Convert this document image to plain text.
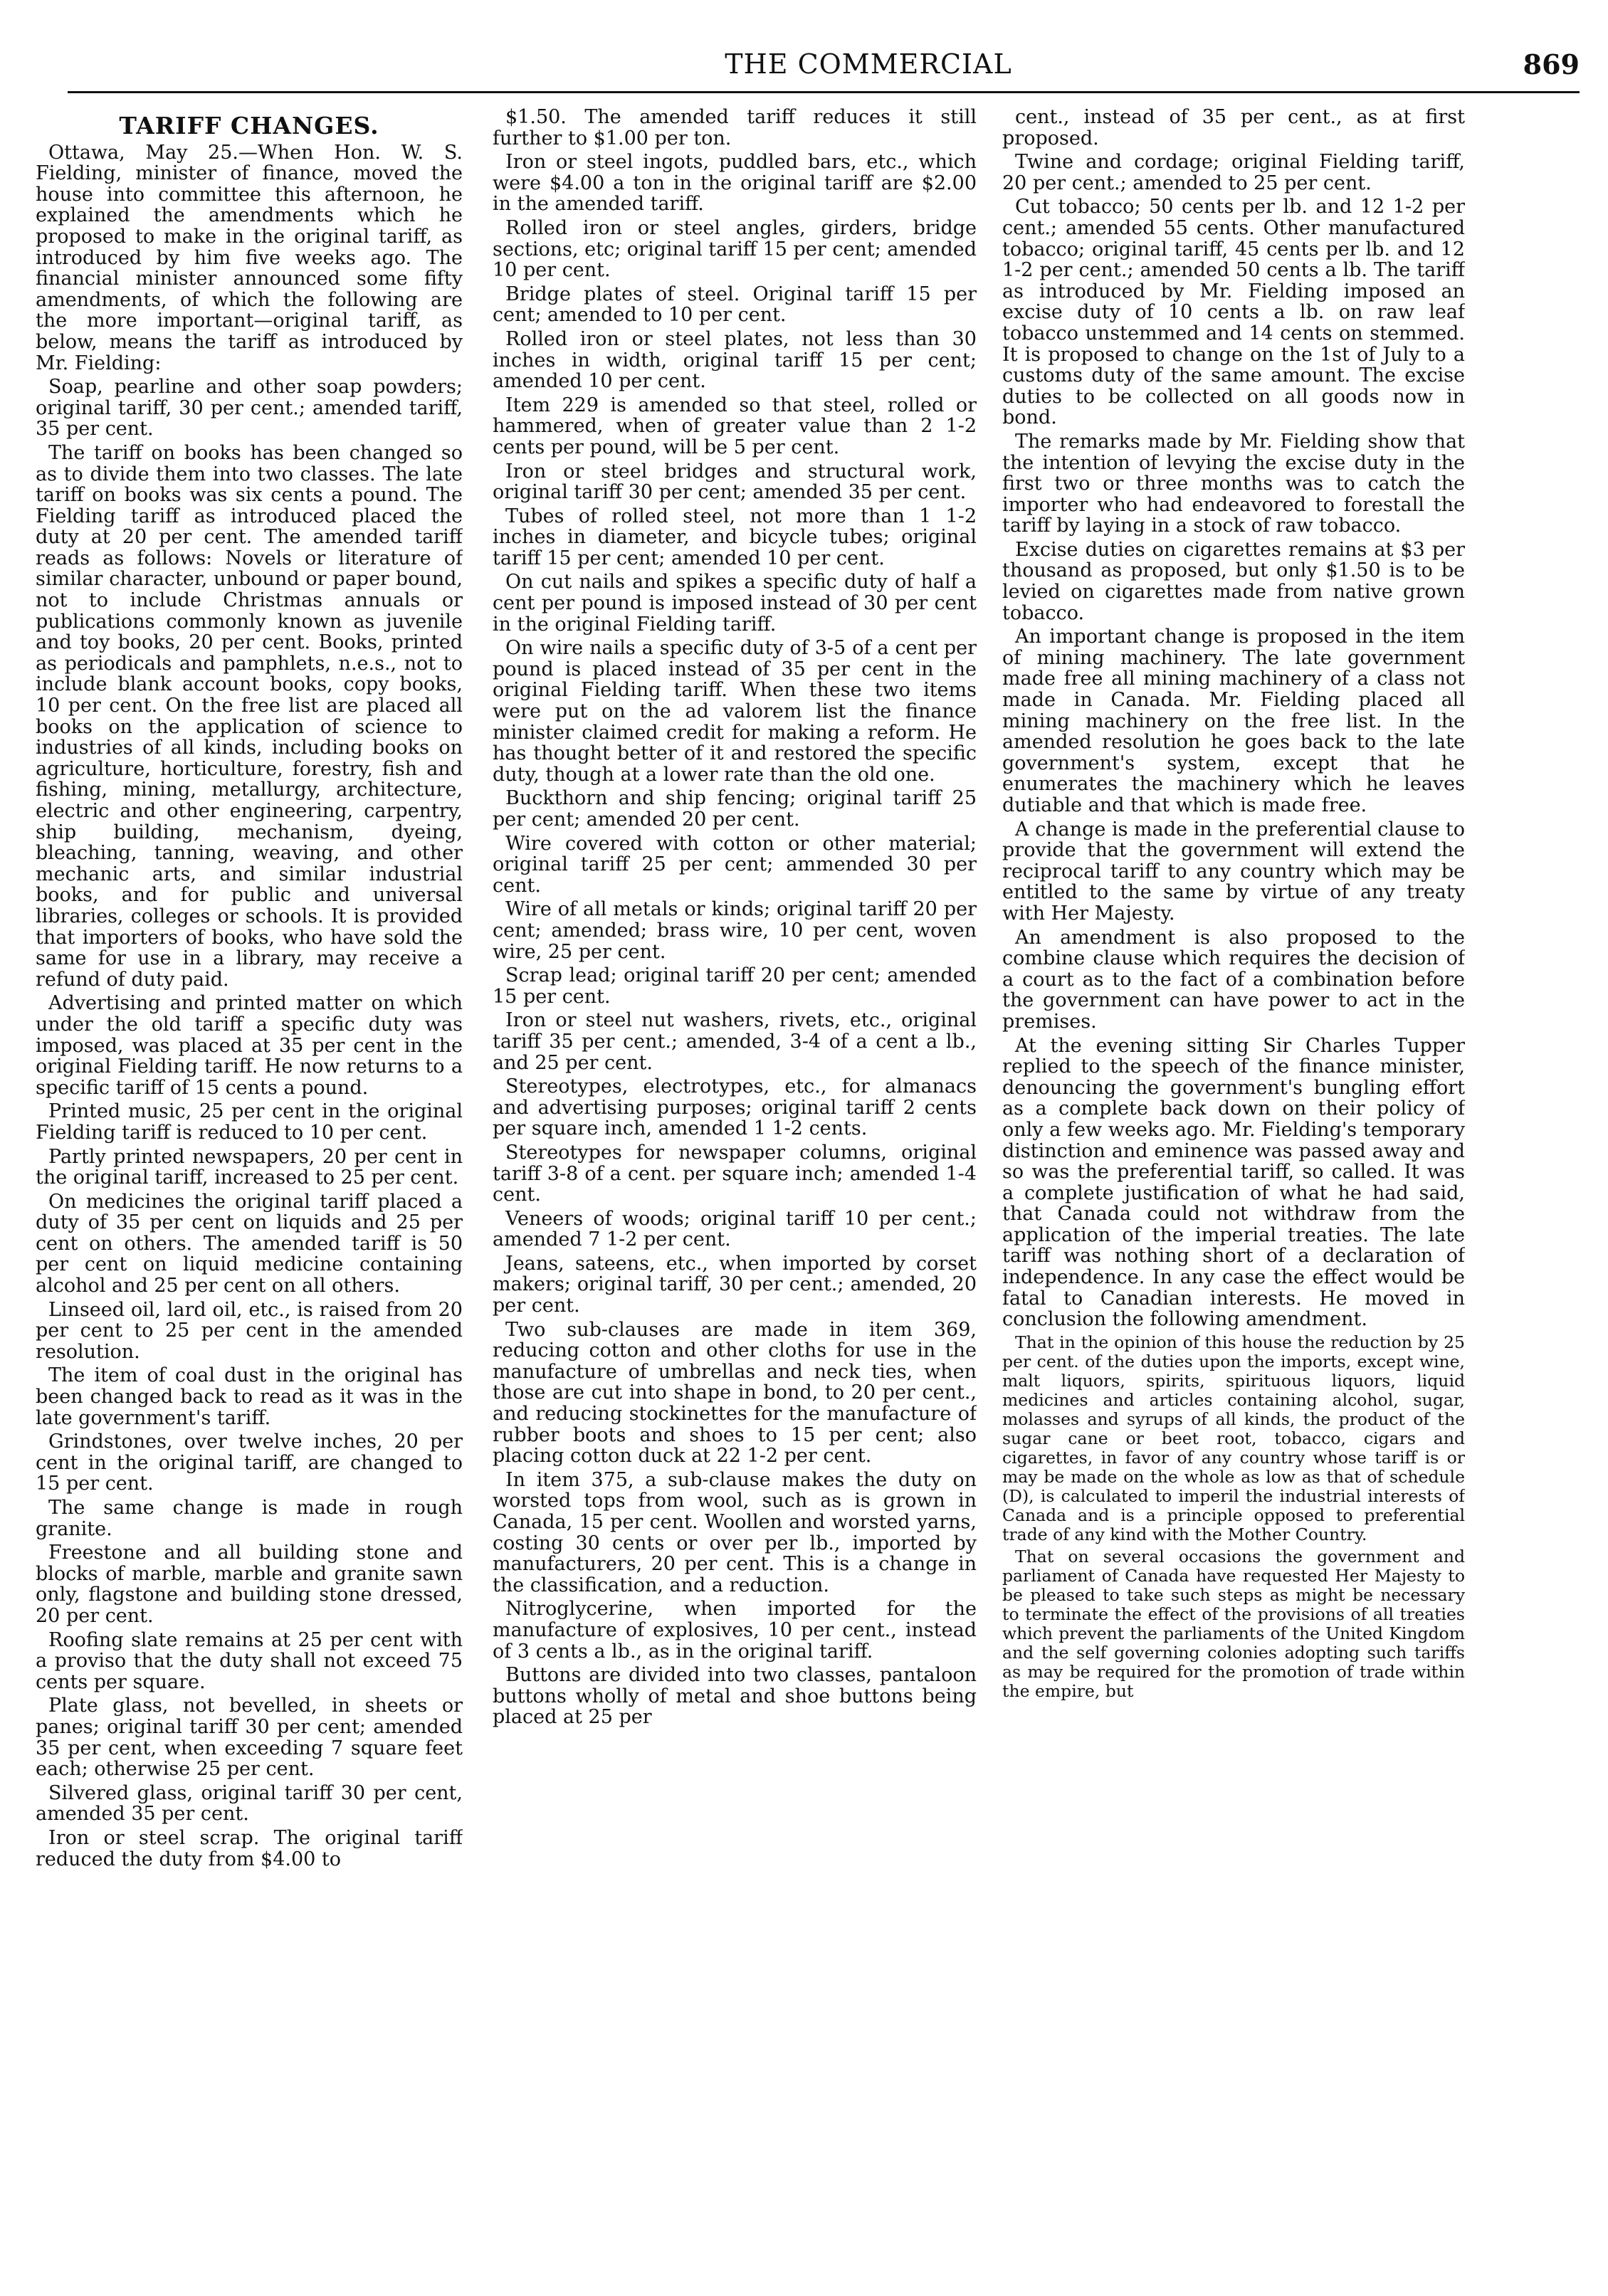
THE COMMERCIAL	869
TARIFF CHANGES.

Ottawa, May 25.—When Hon. W. S. Fielding, minister of finance, moved the house into committee this afternoon, he explained the amendments which he proposed to make in the original tariff, as introduced by him five weeks ago. The financial minister announced some fifty amendments, of which the following are the more important—original tariff, as below, means the tariff as introduced by Mr. Fielding:

Soap, pearline and other soap powders; original tariff, 30 per cent.; amended tariff, 35 per cent.

The tariff on books has been changed so as to divide them into two classes. The late tariff on books was six cents a pound. The Fielding tariff as introduced placed the duty at 20 per cent. The amended tariff reads as follows: Novels or literature of similar character, unbound or paper bound, not to include Christmas annuals or publications commonly known as juvenile and toy books, 20 per cent. Books, printed as periodicals and pamphlets, n.e.s., not to include blank account books, copy books, 10 per cent. On the free list are placed all books on the application of science to industries of all kinds, including books on agriculture, horticulture, forestry, fish and fishing, mining, metallurgy, architecture, electric and other engineering, carpentry, ship building, mechanism, dyeing, bleaching, tanning, weaving, and other mechanic arts, and similar industrial books, and for public and universal libraries, colleges or schools. It is provided that importers of books, who have sold the same for use in a library, may receive a refund of duty paid.

Advertising and printed matter on which under the old tariff a specific duty was imposed, was placed at 35 per cent in the original Fielding tariff. He now returns to a specific tariff of 15 cents a pound.

Printed music, 25 per cent in the original Fielding tariff is reduced to 10 per cent.

Partly printed newspapers, 20 per cent in the original tariff, increased to 25 per cent.

On medicines the original tariff placed a duty of 35 per cent on liquids and 25 per cent on others. The amended tariff is 50 per cent on liquid medicine containing alcohol and 25 per cent on all others.

Linseed oil, lard oil, etc., is raised from 20 per cent to 25 per cent in the amended resolution.

The item of coal dust in the original has been changed back to read as it was in the late government's tariff.

Grindstones, over twelve inches, 20 per cent in the original tariff, are changed to 15 per cent.

The same change is made in rough granite.

Freestone and all building stone and blocks of marble, marble and granite sawn only, flagstone and building stone dressed, 20 per cent.

Roofing slate remains at 25 per cent with a proviso that the duty shall not exceed 75 cents per square.

Plate glass, not bevelled, in sheets or panes; original tariff 30 per cent; amended 35 per cent, when exceeding 7 square feet each; otherwise 25 per cent.

Silvered glass, original tariff 30 per cent, amended 35 per cent.

Iron or steel scrap. The original tariff reduced the duty from $4.00 to

$1.50. The amended tariff reduces it still further to $1.00 per ton.

Iron or steel ingots, puddled bars, etc., which were $4.00 a ton in the original tariff are $2.00 in the amended tariff.

Rolled iron or steel angles, girders, bridge sections, etc; original tariff 15 per cent; amended 10 per cent.

Bridge plates of steel. Original tariff 15 per cent; amended to 10 per cent.

Rolled iron or steel plates, not less than 30 inches in width, original tariff 15 per cent; amended 10 per cent.

Item 229 is amended so that steel, rolled or hammered, when of greater value than 2 1-2 cents per pound, will be 5 per cent.

Iron or steel bridges and structural work, original tariff 30 per cent; amended 35 per cent.

Tubes of rolled steel, not more than 1 1-2 inches in diameter, and bicycle tubes; original tariff 15 per cent; amended 10 per cent.

On cut nails and spikes a specific duty of half a cent per pound is imposed instead of 30 per cent in the original Fielding tariff.

On wire nails a specific duty of 3-5 of a cent per pound is placed instead of 35 per cent in the original Fielding tariff. When these two items were put on the ad valorem list the finance minister claimed credit for making a reform. He has thought better of it and restored the specific duty, though at a lower rate than the old one.

Buckthorn and ship fencing; original tariff 25 per cent; amended 20 per cent.

Wire covered with cotton or other material; original tariff 25 per cent; ammended 30 per cent.

Wire of all metals or kinds; original tariff 20 per cent; amended; brass wire, 10 per cent, woven wire, 25 per cent.

Scrap lead; original tariff 20 per cent; amended 15 per cent.

Iron or steel nut washers, rivets, etc., original tariff 35 per cent.; amended, 3-4 of a cent a lb., and 25 per cent.

Stereotypes, electrotypes, etc., for almanacs and advertising purposes; original tariff 2 cents per square inch, amended 1 1-2 cents.

Stereotypes for newspaper columns, original tariff 3-8 of a cent. per square inch; amended 1-4 cent.

Veneers of woods; original tariff 10 per cent.; amended 7 1-2 per cent.

Jeans, sateens, etc., when imported by corset makers; original tariff, 30 per cent.; amended, 20 per cent.

Two sub-clauses are made in item 369, reducing cotton and other cloths for use in the manufacture of umbrellas and neck ties, when those are cut into shape in bond, to 20 per cent., and reducing stockinettes for the manufacture of rubber boots and shoes to 15 per cent; also placing cotton duck at 22 1-2 per cent.

In item 375, a sub-clause makes the duty on worsted tops from wool, such as is grown in Canada, 15 per cent. Woollen and worsted yarns, costing 30 cents or over per lb., imported by manufacturers, 20 per cent. This is a change in the classification, and a reduction.

Nitroglycerine, when imported for the manufacture of explosives, 10 per cent., instead of 3 cents a lb., as in the original tariff.

Buttons are divided into two classes, pantaloon buttons wholly of metal and shoe buttons being placed at 25 per

cent., instead of 35 per cent., as at first proposed.

Twine and cordage; original Fielding tariff, 20 per cent.; amended to 25 per cent.

Cut tobacco; 50 cents per lb. and 12 1-2 per cent.; amended 55 cents. Other manufactured tobacco; original tariff, 45 cents per lb. and 12 1-2 per cent.; amended 50 cents a lb. The tariff as introduced by Mr. Fielding imposed an excise duty of 10 cents a lb. on raw leaf tobacco unstemmed and 14 cents on stemmed. It is proposed to change on the 1st of July to a customs duty of the same amount. The excise duties to be collected on all goods now in bond.

The remarks made by Mr. Fielding show that the intention of levying the excise duty in the first two or three months was to catch the importer who had endeavored to forestall the tariff by laying in a stock of raw tobacco.

Excise duties on cigarettes remains at $3 per thousand as proposed, but only $1.50 is to be levied on cigarettes made from native grown tobacco.

An important change is proposed in the item of mining machinery. The late government made free all mining machinery of a class not made in Canada. Mr. Fielding placed all mining machinery on the free list. In the amended resolution he goes back to the late government's system, except that he enumerates the machinery which he leaves dutiable and that which is made free.

A change is made in the preferential clause to provide that the government will extend the reciprocal tariff to any country which may be entitled to the same by virtue of any treaty with Her Majesty.

An amendment is also proposed to the combine clause which requires the decision of a court as to the fact of a combination before the government can have power to act in the premises.

At the evening sitting Sir Charles Tupper replied to the speech of the finance minister, denouncing the government's bungling effort as a complete back down on their policy of only a few weeks ago. Mr. Fielding's temporary distinction and eminence was passed away and so was the preferential tariff, so called. It was a complete justification of what he had said, that Canada could not withdraw from the application of the imperial treaties. The late tariff was nothing short of a declaration of independence. In any case the effect would be fatal to Canadian interests. He moved in conclusion the following amendment.

That in the opinion of this house the reduction by 25 per cent. of the duties upon the imports, except wine, malt liquors, spirits, spirituous liquors, liquid medicines and articles containing alcohol, sugar, molasses and syrups of all kinds, the product of the sugar cane or beet root, tobacco, cigars and cigarettes, in favor of any country whose tariff is or may be made on the whole as low as that of schedule (D), is calculated to imperil the industrial interests of Canada and is a principle opposed to preferential trade of any kind with the Mother Country.

That on several occasions the government and parliament of Canada have requested Her Majesty to be pleased to take such steps as might be necessary to terminate the effect of the provisions of all treaties which prevent the parliaments of the United Kingdom and the self governing colonies adopting such tariffs as may be required for the promotion of trade within the empire, but
